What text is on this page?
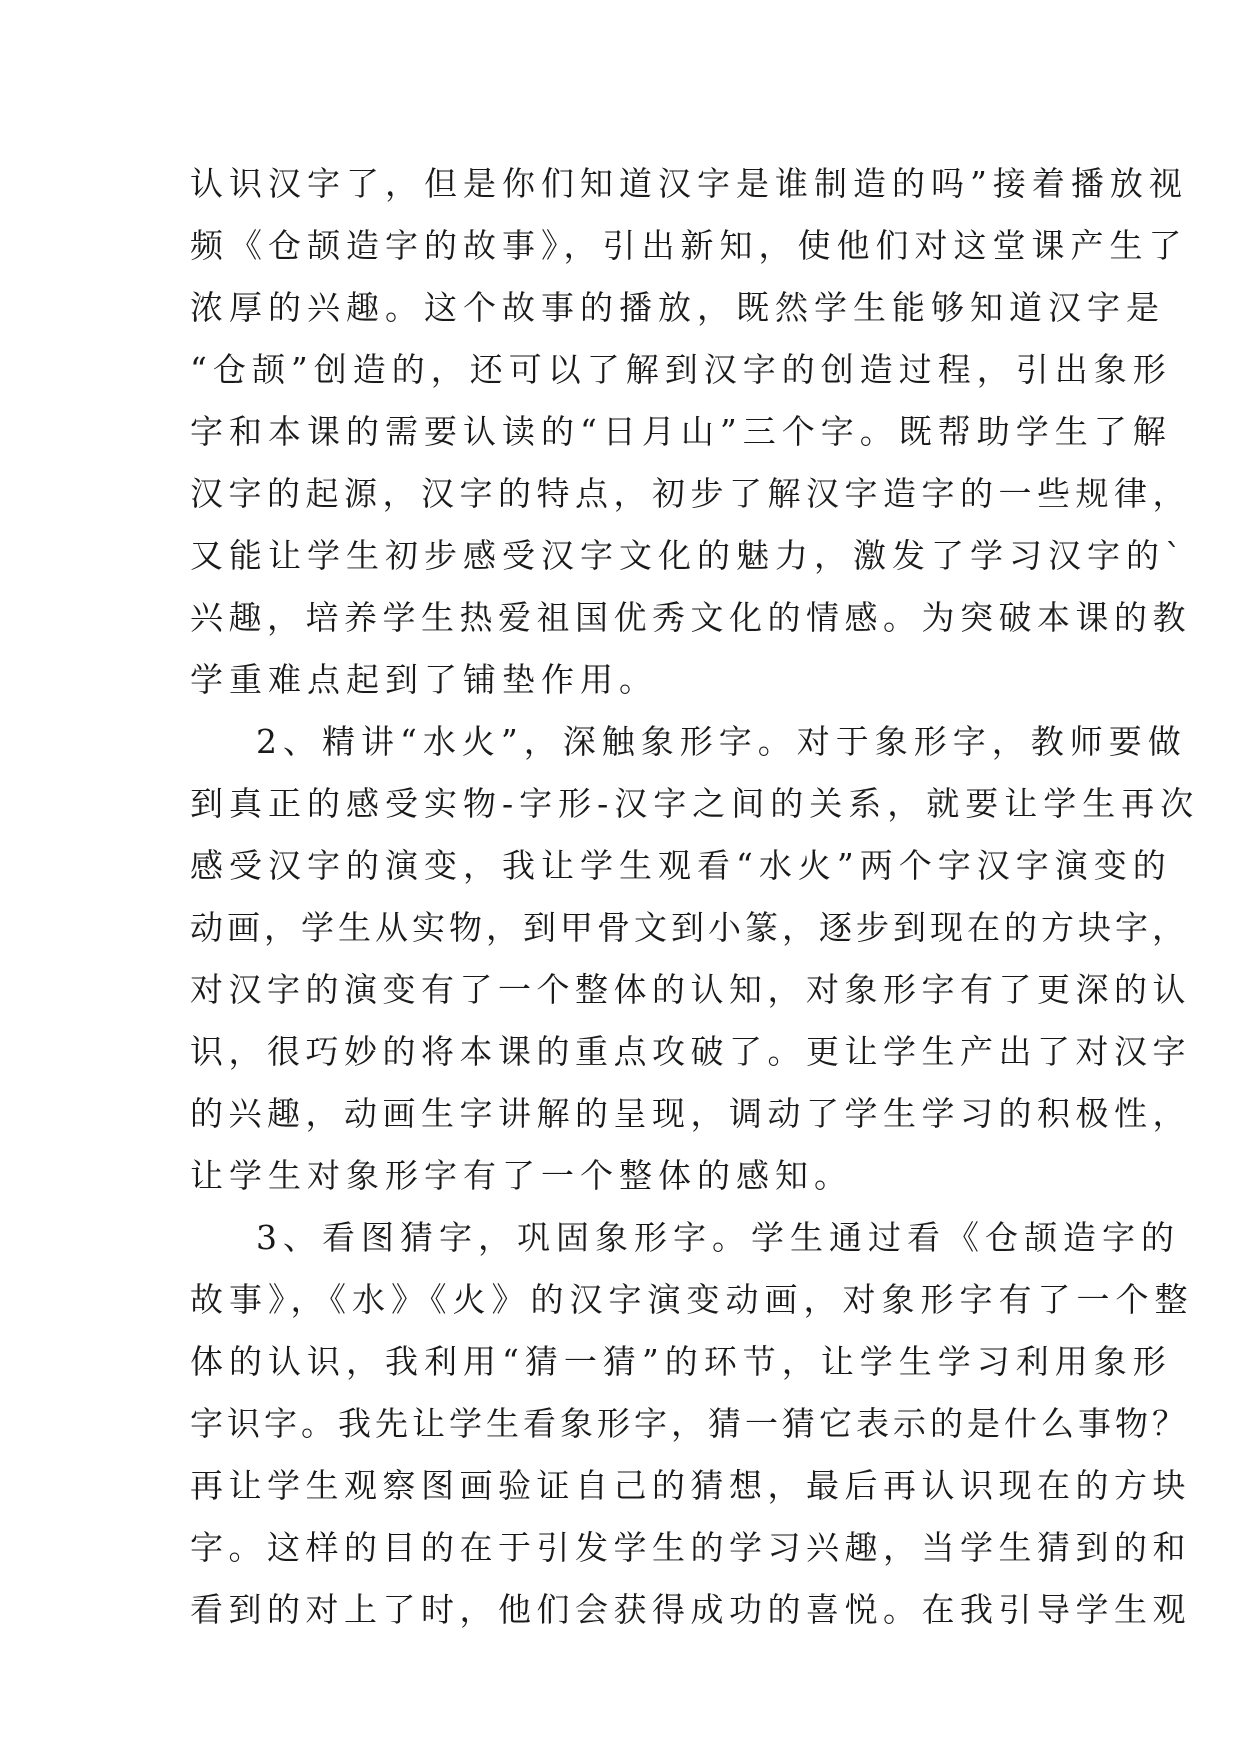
认识汉字了，但是你们知道汉字是谁制造的吗”接着播放视
频《仓颉造字的故事》，引出新知，使他们对这堂课产生了
浓厚的兴趣。这个故事的播放，既然学生能够知道汉字是
“仓颉”创造的，还可以了解到汉字的创造过程，引出象形
字和本课的需要认读的“日月山”三个字。既帮助学生了解
汉字的起源，汉字的特点，初步了解汉字造字的一些规律，
又能让学生初步感受汉字文化的魅力，激发了学习汉字的`
兴趣，培养学生热爱祖国优秀文化的情感。为突破本课的教
学重难点起到了铺垫作用。
2、精讲“水火”，深触象形字。对于象形字，教师要做
到真正的感受实物-字形-汉字之间的关系，就要让学生再次
感受汉字的演变，我让学生观看“水火”两个字汉字演变的
动画，学生从实物，到甲骨文到小篆，逐步到现在的方块字，
对汉字的演变有了一个整体的认知，对象形字有了更深的认
识，很巧妙的将本课的重点攻破了。更让学生产出了对汉字
的兴趣，动画生字讲解的呈现，调动了学生学习的积极性，
让学生对象形字有了一个整体的感知。
3、看图猜字，巩固象形字。学生通过看《仓颉造字的
故事》，《水》《火》的汉字演变动画，对象形字有了一个整
体的认识，我利用“猜一猜”的环节，让学生学习利用象形
字识字。我先让学生看象形字，猜一猜它表示的是什么事物？
再让学生观察图画验证自己的猜想，最后再认识现在的方块
字。这样的目的在于引发学生的学习兴趣，当学生猜到的和
看到的对上了时，他们会获得成功的喜悦。在我引导学生观
